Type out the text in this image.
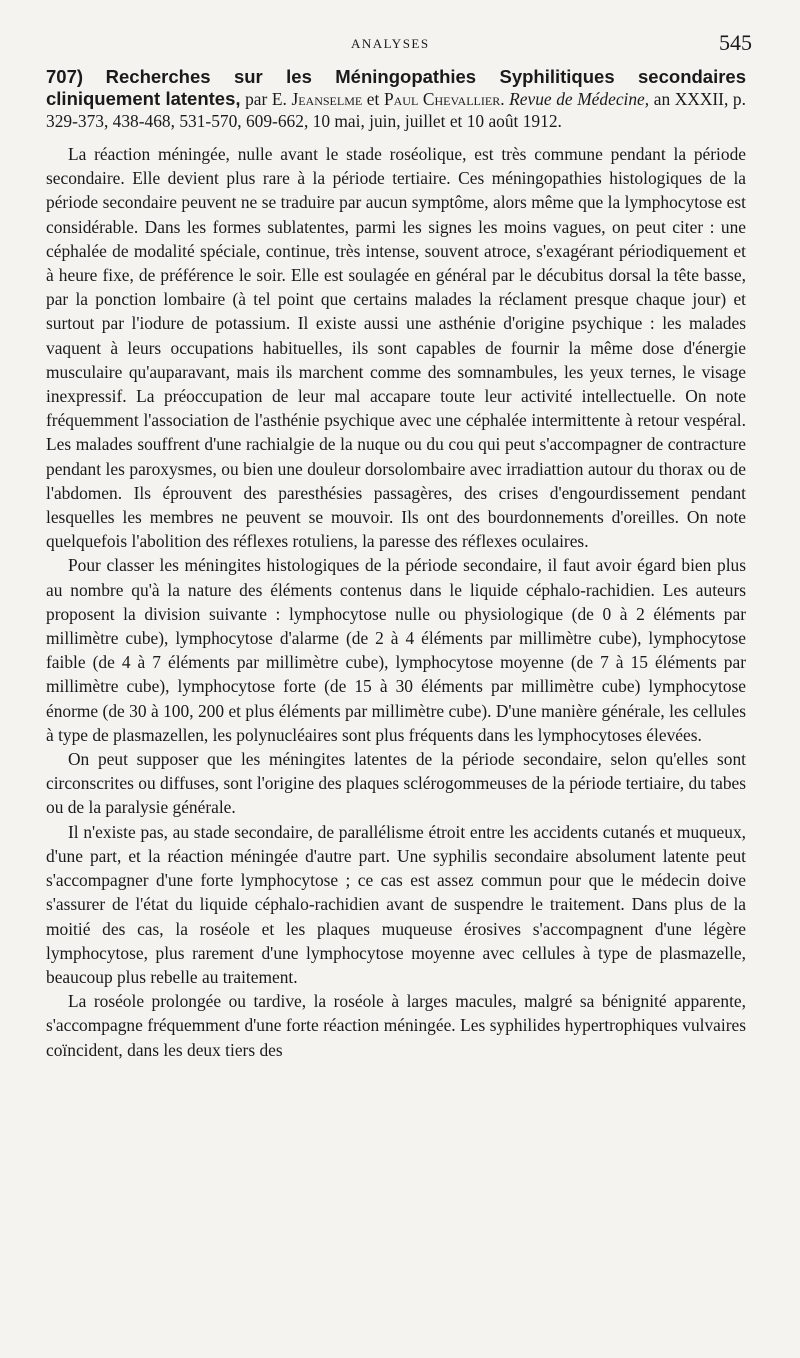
ANALYSES	545
707) Recherches sur les Méningopathies Syphilitiques secondaires cliniquement latentes, par E. Jeanselme et Paul Chevallier. Revue de Médecine, an XXXII, p. 329-373, 438-468, 531-570, 609-662, 10 mai, juin, juillet et 10 août 1912.

La réaction méningée, nulle avant le stade roséolique, est très commune pendant la période secondaire. Elle devient plus rare à la période tertiaire. Ces méningopathies histologiques de la période secondaire peuvent ne se traduire par aucun symptôme, alors même que la lymphocytose est considérable. Dans les formes sublatentes, parmi les signes les moins vagues, on peut citer : une céphalée de modalité spéciale, continue, très intense, souvent atroce, s'exagérant périodiquement et à heure fixe, de préférence le soir. Elle est soulagée en général par le décubitus dorsal la tête basse, par la ponction lombaire (à tel point que certains malades la réclament presque chaque jour) et surtout par l'iodure de potassium. Il existe aussi une asthénie d'origine psychique : les malades vaquent à leurs occupations habituelles, ils sont capables de fournir la même dose d'énergie musculaire qu'auparavant, mais ils marchent comme des somnambules, les yeux ternes, le visage inexpressif. La préoccupation de leur mal accapare toute leur activité intellectuelle. On note fréquemment l'association de l'asthénie psychique avec une céphalée intermittente à retour vespéral. Les malades souffrent d'une rachialgie de la nuque ou du cou qui peut s'accompagner de contracture pendant les paroxysmes, ou bien une douleur dorsolombaire avec irradiattion autour du thorax ou de l'abdomen. Ils éprouvent des paresthésies passagères, des crises d'engourdissement pendant lesquelles les membres ne peuvent se mouvoir. Ils ont des bourdonnements d'oreilles. On note quelquefois l'abolition des réflexes rotuliens, la paresse des réflexes oculaires.

Pour classer les méningites histologiques de la période secondaire, il faut avoir égard bien plus au nombre qu'à la nature des éléments contenus dans le liquide céphalo-rachidien. Les auteurs proposent la division suivante : lymphocytose nulle ou physiologique (de 0 à 2 éléments par millimètre cube), lymphocytose d'alarme (de 2 à 4 éléments par millimètre cube), lymphocytose faible (de 4 à 7 éléments par millimètre cube), lymphocytose moyenne (de 7 à 15 éléments par millimètre cube), lymphocytose forte (de 15 à 30 éléments par millimètre cube) lymphocytose énorme (de 30 à 100, 200 et plus éléments par millimètre cube). D'une manière générale, les cellules à type de plasmazellen, les polynucléaires sont plus fréquents dans les lymphocytoses élevées.

On peut supposer que les méningites latentes de la période secondaire, selon qu'elles sont circonscrites ou diffuses, sont l'origine des plaques sclérogommeuses de la période tertiaire, du tabes ou de la paralysie générale.

Il n'existe pas, au stade secondaire, de parallélisme étroit entre les accidents cutanés et muqueux, d'une part, et la réaction méningée d'autre part. Une syphilis secondaire absolument latente peut s'accompagner d'une forte lymphocytose ; ce cas est assez commun pour que le médecin doive s'assurer de l'état du liquide céphalo-rachidien avant de suspendre le traitement. Dans plus de la moitié des cas, la roséole et les plaques muqueuse érosives s'accompagnent d'une légère lymphocytose, plus rarement d'une lymphocytose moyenne avec cellules à type de plasmazelle, beaucoup plus rebelle au traitement.

La roséole prolongée ou tardive, la roséole à larges macules, malgré sa bénignité apparente, s'accompagne fréquemment d'une forte réaction méningée. Les syphilides hypertrophiques vulvaires coïncident, dans les deux tiers des
